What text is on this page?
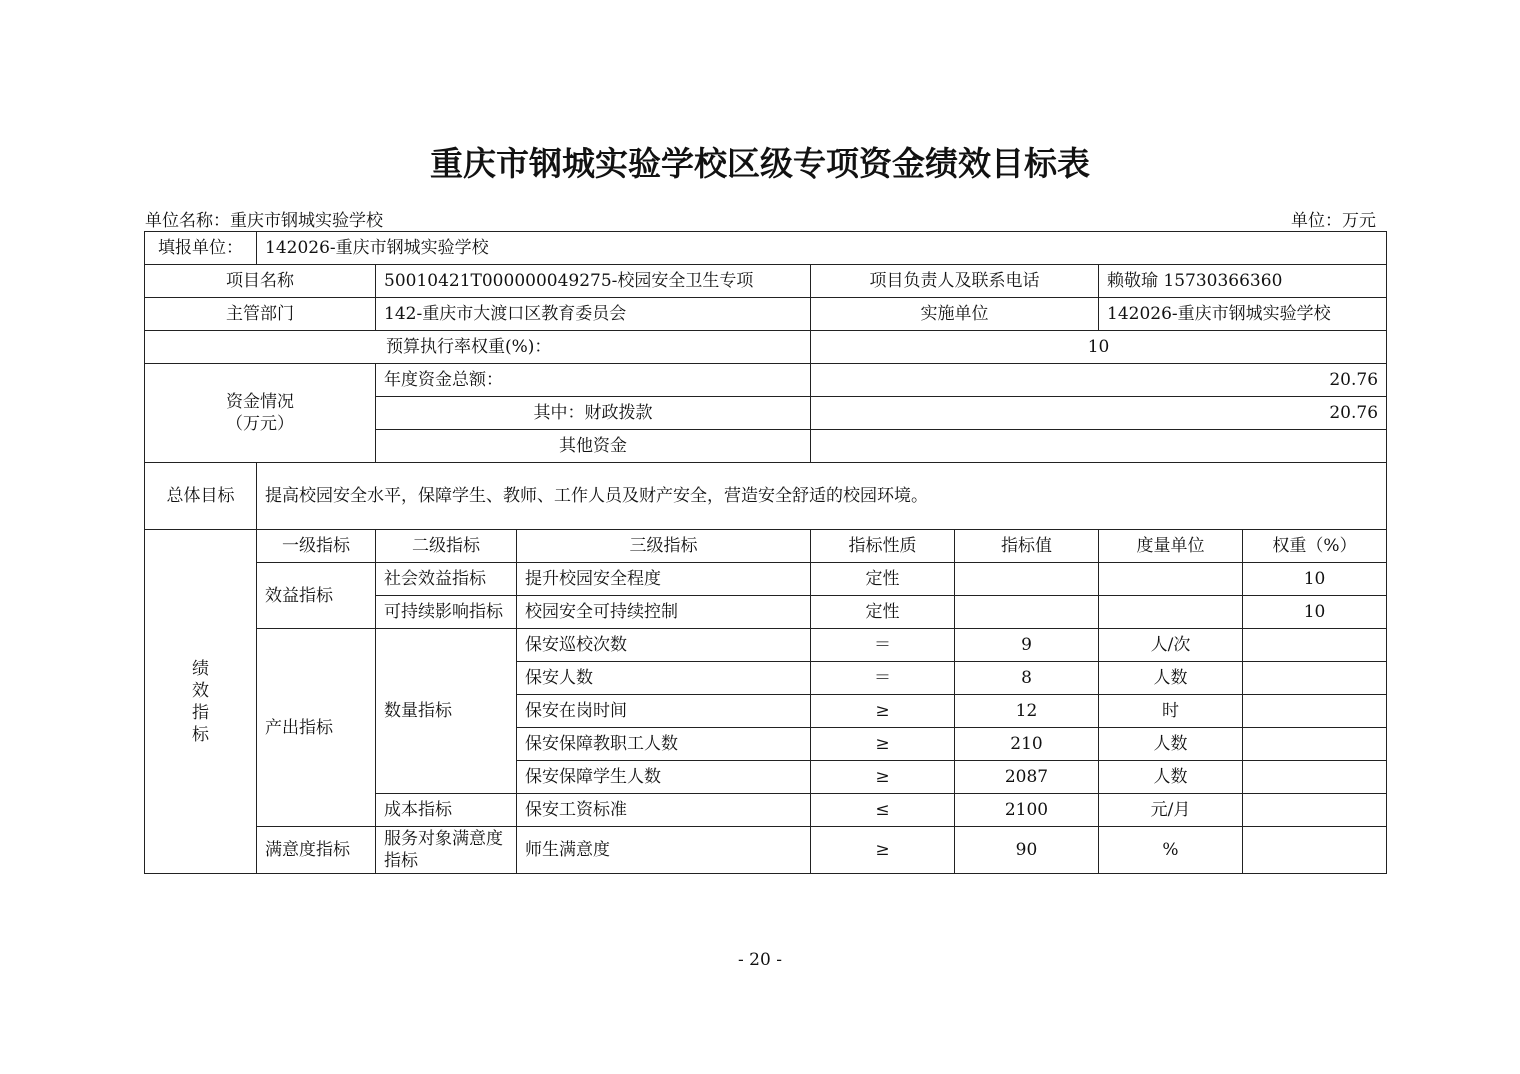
重庆市钢城实验学校区级专项资金绩效目标表
单位名称：重庆市钢城实验学校	单位：万元
填报单位：	142026-重庆市钢城实验学校						
项目名称		50010421T000000049275-校园安全卫生专项		项目负责人及联系电话		赖敬瑜 15730366360	
主管部门		142-重庆市大渡口区教育委员会		实施单位		142026-重庆市钢城实验学校	
预算执行率权重(%)：				10			

资金情况
（万元）		年度资金总额：		20.76			
		其中：财政拨款		20.76			
		其他资金					
总体目标	提高校园安全水平，保障学生、教师、工作人员及财产安全，营造安全舒适的校园环境。						

绩
效
指
标	一级指标	二级指标	三级指标	指标性质	指标值	度量单位	权重（%）
	效益指标	社会效益指标	提升校园安全程度	定性			10
		可持续影响指标	校园安全可持续控制	定性			10
	产出指标	数量指标	保安巡校次数	＝	9	人/次	
			保安人数	＝	8	人数	
			保安在岗时间	≥	12	时	
			保安保障教职工人数	≥	210	人数	
			保安保障学生人数	≥	2087	人数	
		成本指标	保安工资标准	≤	2100	元/月	
	满意度指标	服务对象满意度指标	师生满意度	≥	90	%	
- 20 -
